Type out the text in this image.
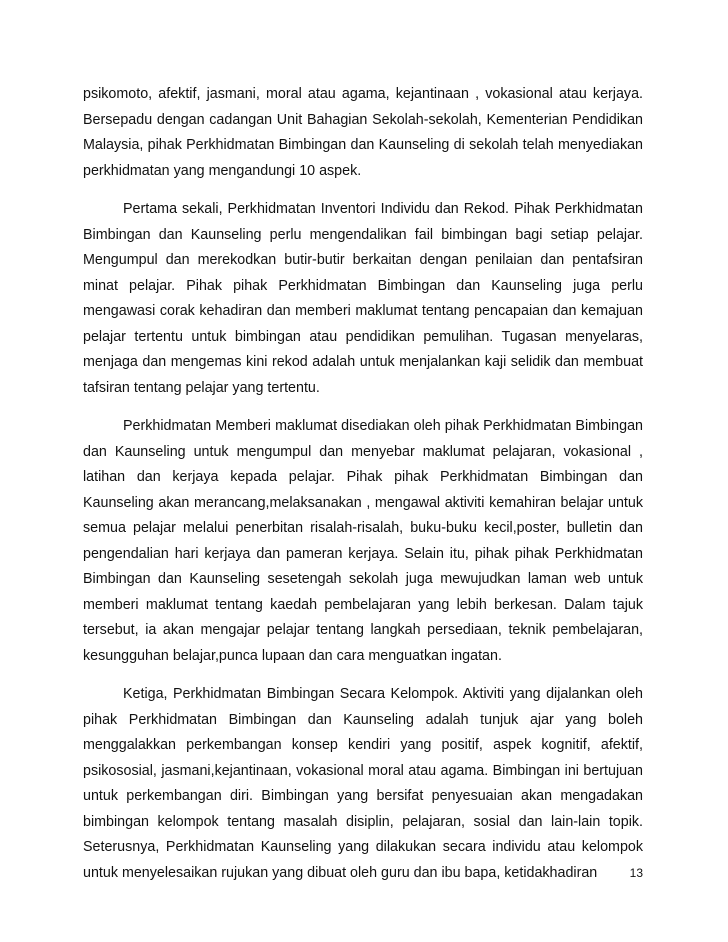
psikomoto, afektif, jasmani, moral atau agama, kejantinaan , vokasional atau kerjaya. Bersepadu dengan cadangan Unit Bahagian Sekolah-sekolah, Kementerian Pendidikan Malaysia, pihak Perkhidmatan Bimbingan dan Kaunseling di sekolah telah menyediakan perkhidmatan yang mengandungi 10 aspek.

Pertama sekali, Perkhidmatan Inventori Individu dan Rekod. Pihak Perkhidmatan Bimbingan dan Kaunseling perlu mengendalikan fail bimbingan bagi setiap pelajar. Mengumpul dan merekodkan butir-butir berkaitan dengan penilaian dan pentafsiran minat pelajar. Pihak pihak Perkhidmatan Bimbingan dan Kaunseling juga perlu mengawasi corak kehadiran dan memberi maklumat tentang pencapaian dan kemajuan pelajar tertentu untuk bimbingan atau pendidikan pemulihan. Tugasan menyelaras, menjaga dan mengemas kini rekod adalah untuk menjalankan kaji selidik dan membuat tafsiran tentang pelajar yang tertentu.

Perkhidmatan Memberi maklumat disediakan oleh pihak Perkhidmatan Bimbingan dan Kaunseling untuk mengumpul dan menyebar maklumat pelajaran, vokasional , latihan dan kerjaya kepada pelajar. Pihak pihak Perkhidmatan Bimbingan dan Kaunseling akan merancang,melaksanakan , mengawal aktiviti kemahiran belajar untuk semua pelajar melalui penerbitan risalah-risalah, buku-buku kecil,poster, bulletin dan pengendalian hari kerjaya dan pameran kerjaya. Selain itu, pihak pihak Perkhidmatan Bimbingan dan Kaunseling sesetengah sekolah juga mewujudkan laman web untuk memberi maklumat tentang kaedah pembelajaran yang lebih berkesan. Dalam tajuk tersebut, ia akan mengajar pelajar tentang langkah persediaan, teknik pembelajaran, kesungguhan belajar,punca lupaan dan cara menguatkan ingatan.

Ketiga, Perkhidmatan Bimbingan Secara Kelompok. Aktiviti yang dijalankan oleh pihak Perkhidmatan Bimbingan dan Kaunseling adalah tunjuk ajar yang boleh menggalakkan perkembangan konsep kendiri yang positif, aspek kognitif, afektif, psikososial, jasmani,kejantinaan, vokasional moral atau agama. Bimbingan ini bertujuan untuk perkembangan diri. Bimbingan yang bersifat penyesuaian akan mengadakan bimbingan kelompok tentang masalah disiplin, pelajaran, sosial dan lain-lain topik. Seterusnya, Perkhidmatan Kaunseling yang dilakukan secara individu atau kelompok untuk menyelesaikan rujukan yang dibuat oleh guru dan ibu bapa, ketidakhadiran	13
